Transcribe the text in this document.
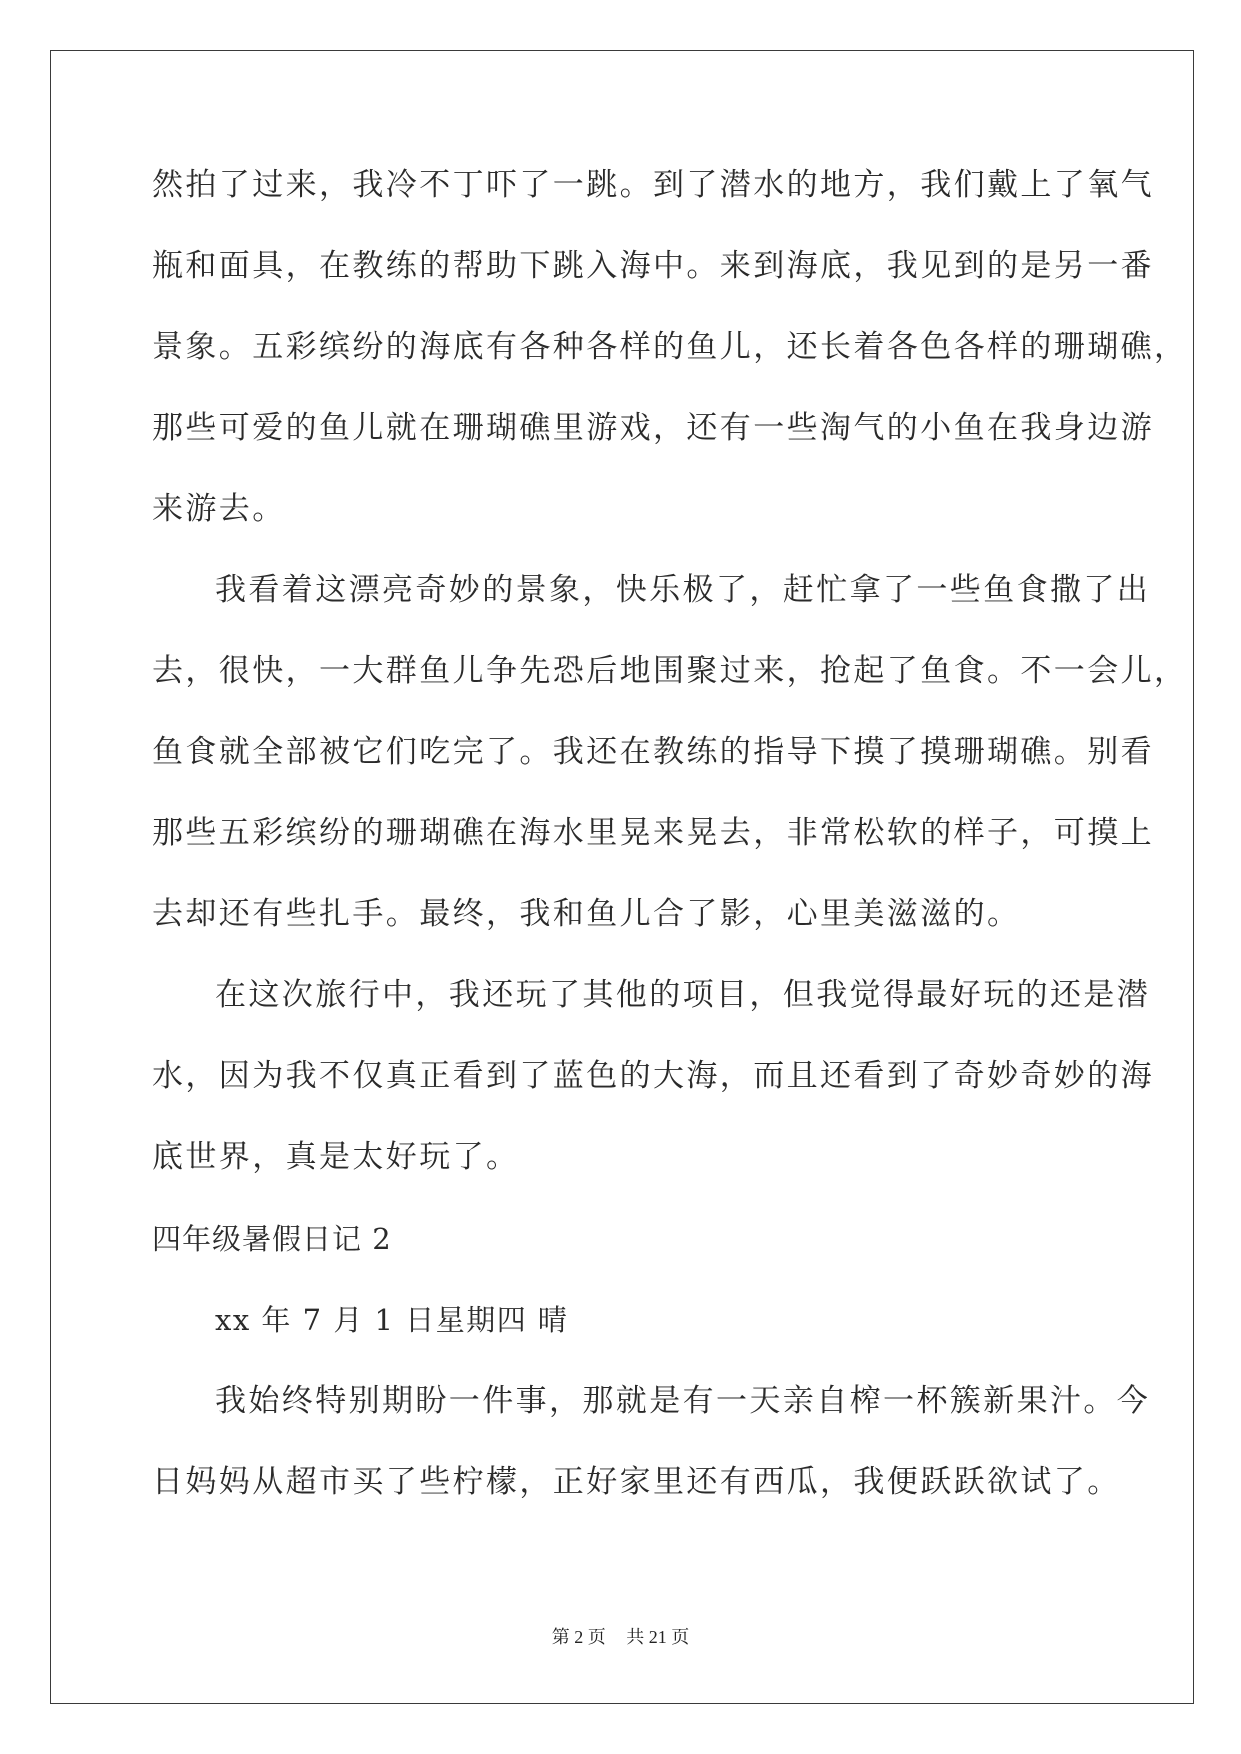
然拍了过来，我冷不丁吓了一跳。到了潜水的地方，我们戴上了氧气
瓶和面具，在教练的帮助下跳入海中。来到海底，我见到的是另一番
景象。五彩缤纷的海底有各种各样的鱼儿，还长着各色各样的珊瑚礁，
那些可爱的鱼儿就在珊瑚礁里游戏，还有一些淘气的小鱼在我身边游
来游去。
我看着这漂亮奇妙的景象，快乐极了，赶忙拿了一些鱼食撒了出
去，很快，一大群鱼儿争先恐后地围聚过来，抢起了鱼食。不一会儿，
鱼食就全部被它们吃完了。我还在教练的指导下摸了摸珊瑚礁。别看
那些五彩缤纷的珊瑚礁在海水里晃来晃去，非常松软的样子，可摸上
去却还有些扎手。最终，我和鱼儿合了影，心里美滋滋的。
在这次旅行中，我还玩了其他的项目，但我觉得最好玩的还是潜
水，因为我不仅真正看到了蓝色的大海，而且还看到了奇妙奇妙的海
底世界，真是太好玩了。
四年级暑假日记 2
xx 年 7 月 1 日星期四 晴
我始终特别期盼一件事，那就是有一天亲自榨一杯簇新果汁。今
日妈妈从超市买了些柠檬，正好家里还有西瓜，我便跃跃欲试了。
第 2 页 共 21 页
